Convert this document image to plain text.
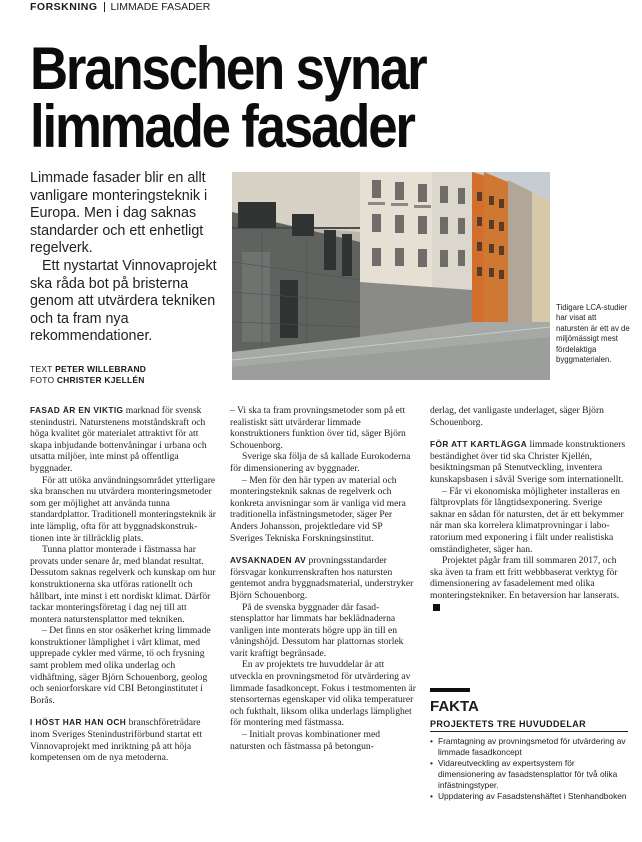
FORSKNING LIMMADE FASADER
Branschen synar
limmade fasader

Limmade fasader blir en allt vanligare monteringsteknik i Europa. Men i dag saknas standarder och ett enhetligt regelverk.

Ett nystartat Vinnovaprojekt ska råda bot på bristerna genom att utvärdera tekniken och ta fram nya rekommendationer.

TEXT PETER WILLEBRAND
FOTO CHRISTER KJELLÉN
Tidigare LCA-studier har visat att natursten är ett av de miljömässigt mest fördelaktiga byggmaterialen.

FASAD ÄR EN VIKTIG marknad för svensk stenindustri. Naturstenens motståndskraft och höga kvalitet gör materialet attraktivt för att skapa inbjudande bottenvåningar i urbana och utsatta miljöer, inte minst på offentliga byggnader.

För att utöka användningsområdet ytterligare ska branschen nu utvärdera monteringsmetoder som ger möjlighet att använda tunna standardplattor. Traditionell monteringsteknik är inte lämplig, ofta för att byggnadskonstruktionen inte är tillräcklig plats.

Tunna plattor monterade i fästmassa har provats under senare år, med blandat resultat. Dessutom saknas regelverk och kunskap om hur konstruktionerna ska utföras rationellt och hållbart, inte minst i ett nordiskt klimat. Därför tackar monteringsföretag i dag nej till att montera naturstensplattor med tekniken.

– Det finns en stor osäkerhet kring limmade konstruktioner lämplighet i vårt klimat, med upprepade cykler med värme, tö och frysning samt problem med olika underlag och vidhäftning, säger Björn Schouenborg, geolog och seniorforskare vid CBI Betonginstitutet i Borås.

I HÖST HAR HAN OCH branschföreträdare inom Sveriges Stenindustriförbund startat ett Vinnovaprojekt med inriktning på att höja kompetensen om de nya metoderna.

– Vi ska ta fram provningsmetoder som på ett realistiskt sätt utvärderar limmade konstruktioners funktion över tid, säger Björn Schouenborg.

Sverige ska följa de så kallade Eurokoderna för dimensionering av byggnader.

– Men för den här typen av material och monteringsteknik saknas de regelverk och konkreta anvisningar som är vanliga vid mera traditionella infästningsmetoder, säger Per Anders Johansson, projektledare vid SP Sveriges Tekniska Forskningsinstitut.

AVSAKNADEN AV provningsstandarder försvagar konkurrenskraften hos natursten gentemot andra byggnadsmaterial, understryker Björn Schouenborg.

På de svenska byggnader där fasadstensplattor har limmats har beklädnaderna vanligen inte monterats högre upp än till en våningshöjd. Dessutom har plattornas storlek varit kraftigt begränsade.

En av projektets tre huvuddelar är att utveckla en provningsmetod för utvärdering av limmade fasadkoncept. Fokus i testmomenten är stensorternas egenskaper vid olika temperaturer och fukthalt, liksom olika underlags lämplighet för montering med fästmassa.

– Initialt provas kombinationer med natursten och fästmassa på betongun-

derlag, det vanligaste underlaget, säger Björn Schouenborg.

FÖR ATT KARTLÄGGA limmade konstruktioners beständighet över tid ska Christer Kjellén, besiktningsman på Stenutveckling, inventera kunskapsbasen i såväl Sverige som internationellt.

– Får vi ekonomiska möjligheter installeras en fältprovplats för långtidsexponering. Sverige saknar en sådan för natursten, det är ett bekymmer när man ska korrelera klimatprovningar i laboratorium med exponering i fält under realistiska omständigheter, säger han.

Projektet pågår fram till sommaren 2017, och ska även ta fram ett fritt webbbaserat verktyg för dimensionering av fasadelement med olika monteringstekniker. En betaversion har lanserats.

FAKTA
PROJEKTETS TRE HUVUDDELAR
• Framtagning av provningsmetod för utvärdering av limmade fasadkoncept
• Vidareutveckling av expertsystem för dimensionering av fasadstensplattor för två olika infästningstyper.
• Uppdatering av Fasadstenshäftet i Stenhandboken
